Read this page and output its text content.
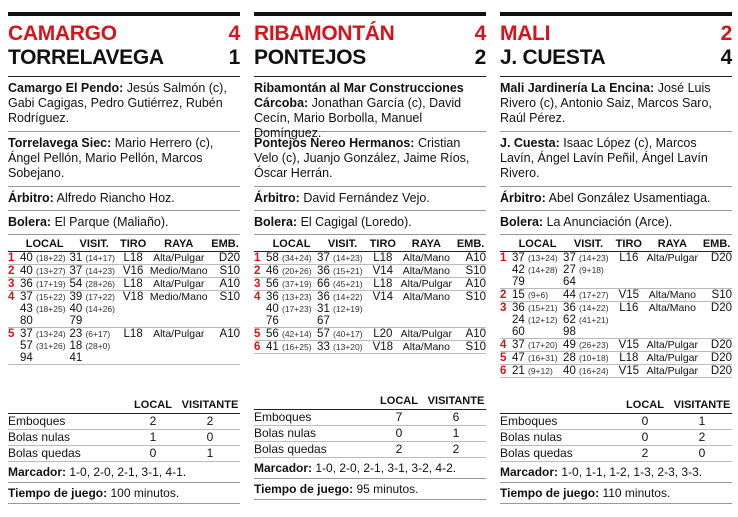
CAMARGO	4
TORRELAVEGA	1
Camargo El Pendo: Jesús Salmón (c), Gabi Cagigas, Pedro Gutiérrez, Rubén Rodríguez.
Torrelavega Siec: Mario Herrero (c), Ángel Pellón, Mario Pellón, Marcos Sobejano.
Árbitro: Alfredo Riancho Hoz.
Bolera: El Parque (Maliaño).
	LOCAL	VISIT.	TIRO	RAYA	EMB.
1	40 (18+22)	31 (14+17)	L18	Alta/Pulgar	D20

2	40 (13+27)	37 (14+23)	V16	Medio/Mano	S10

3	36 (17+19)	54 (28+26)	L18	Alta/Pulgar	A10

4	37 (15+22)	39 (17+22)	V18	Medio/Mano	S10
	43 (18+25)	40 (14+26)			
	80	79			

5	37 (13+24)	23 (6+17)	L18	Alta/Pulgar	A10
	57 (31+26)	18 (28+0)			
	94	41			

RIBAMONTÁN	4
PONTEJOS	2
Ribamontán al Mar Construcciones Cárcoba: Jonathan García (c), David Cecín, Mario Borbolla, Manuel Domínguez.
Pontejos Nereo Hermanos: Cristian Velo (c), Juanjo González, Jaime Ríos, Óscar Herrán.
Árbitro: David Fernández Vejo.
Bolera: El Cagigal (Loredo).
	LOCAL	VISIT.	TIRO	RAYA	EMB.
1	58 (34+24)	37 (14+23)	L18	Alta/Mano	A10

2	46 (20+26)	36 (15+21)	V14	Alta/Mano	S10

3	56 (37+19)	66 (45+21)	L18	Alta/Pulgar	A10

4	36 (13+23)	36 (14+22)	V14	Alta/Mano	S10
	40 (17+23)	31 (12+19)			
	76	67			

5	56 (42+14)	57 (40+17)	L20	Alta/Pulgar	A10

6	41 (16+25)	33 (13+20)	V18	Alta/Mano	S10

MALI	2
J. CUESTA	4
Mali Jardinería La Encina: José Luis Rivero (c), Antonio Saiz, Marcos Saro, Raúl Pérez.
J. Cuesta: Isaac López (c), Marcos Lavín, Ángel Lavín Peñil, Ángel Lavín Rivero.
Árbitro: Abel González Usamentiaga.
Bolera: La Anunciación (Arce).
	LOCAL	VISIT.	TIRO	RAYA	EMB.
1	37 (13+24)	37 (14+23)	L16	Alta/Pulgar	D20
	42 (14+28)	27 (9+18)			
	79	64			

2	15 (9+6)	44 (17+27)	V15	Alta/Mano	S10

3	36 (15+21)	36 (14+22)	L16	Alta/Mano	D20
	24 (12+12)	62 (41+21)			
	60	98			

4	37 (17+20)	49 (26+23)	V15	Alta/Pulgar	D20

5	47 (16+31)	28 (10+18)	L18	Alta/Pulgar	D20

6	21 (9+12)	40 (16+24)	V15	Alta/Pulgar	D20

LOCAL VISITANTE
Emboques	2	2
Bolas nulas	1	0
Bolas quedas	0	1
Marcador: 1-0, 2-0, 2-1, 3-1, 4-1.
Tiempo de juego: 100 minutos.
LOCAL VISITANTE
Emboques	7	6
Bolas nulas	0	1
Bolas quedas	2	2
Marcador: 1-0, 2-0, 2-1, 3-1, 3-2, 4-2.
Tiempo de juego: 95 minutos.
LOCAL VISITANTE
Emboques	0	1
Bolas nulas	0	2
Bolas quedas	2	0
Marcador: 1-0, 1-1, 1-2, 1-3, 2-3, 3-3.
Tiempo de juego: 110 minutos.
